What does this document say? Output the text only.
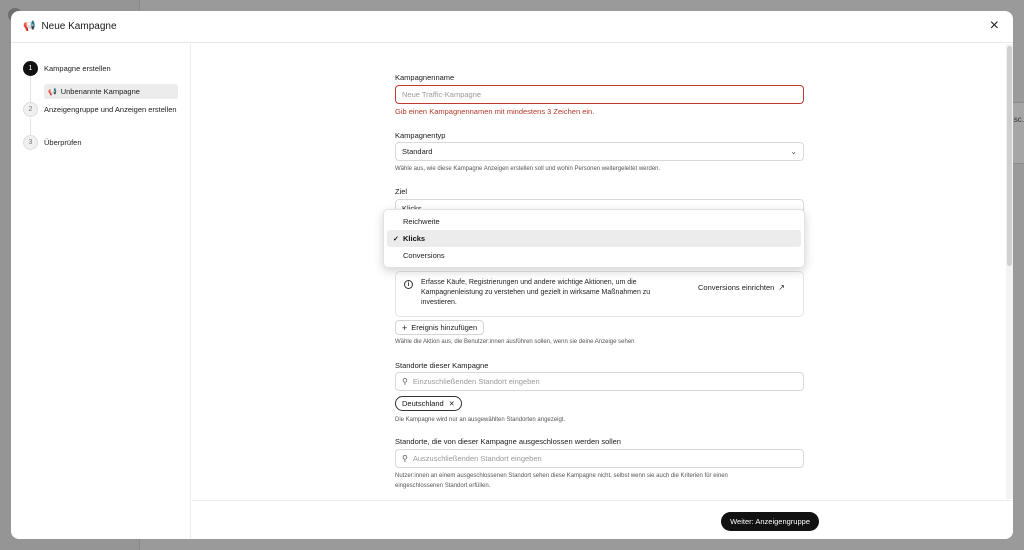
sc.
📢 Neue Kampagne	×
1	Kampagne erstellen
📢 Unbenannte Kampagne
2	Anzeigengruppe und Anzeigen erstellen
3	Überprüfen
Kampagnenname
Neue Traffic-Kampagne
Gib einen Kampagnennamen mit mindestens 3 Zeichen ein.
Kampagnentyp
Standard	⌄
Wähle aus, wie diese Kampagne Anzeigen erstellen soll und wohin Personen weitergeleitet werden.
Ziel
i	Erfasse Käufe, Registrierungen und andere wichtige Aktionen, um die Kampagnenleistung zu verstehen und gezielt in wirksame Maßnahmen zu investieren.
Conversions einrichten ↗
+ Ereignis hinzufügen
Wähle die Aktion aus, die Benutzer:innen ausführen sollen, wenn sie deine Anzeige sehen
Standorte dieser Kampagne
⚲ Einzuschließenden Standort eingeben
Deutschland ✕
Die Kampagne wird nur an ausgewählten Standorten angezeigt.
Standorte, die von dieser Kampagne ausgeschlossen werden sollen
⚲ Auszuschließenden Standort eingeben
Nutzer:innen an einem ausgeschlossenen Standort sehen diese Kampagne nicht, selbst wenn sie auch die Kriterien für einen eingeschlossenen Standort erfüllen.
Weiter: Anzeigengruppe
Reichweite
✓ Klicks
Conversions
